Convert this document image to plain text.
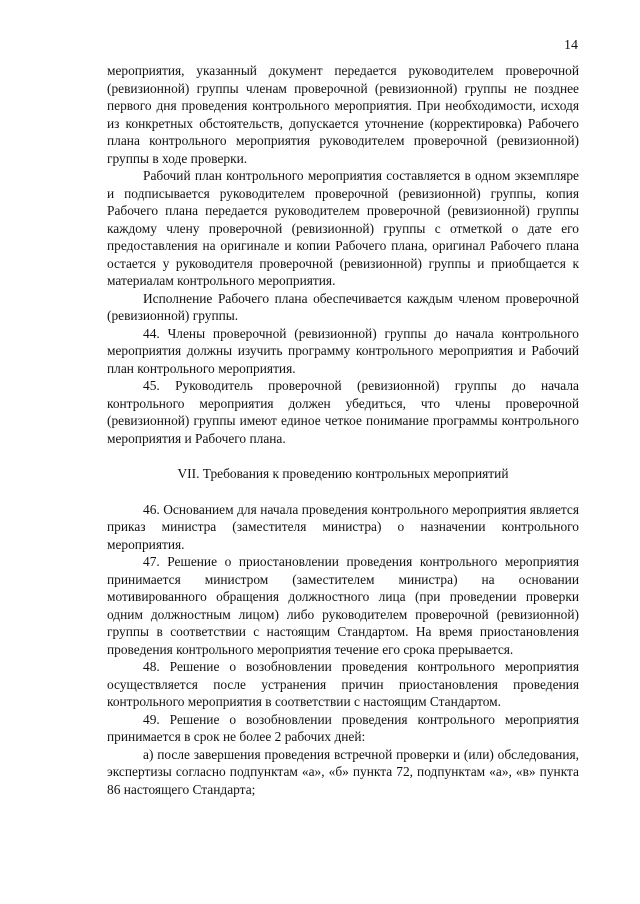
14

мероприятия, указанный документ передается руководителем проверочной (ревизионной) группы членам проверочной (ревизионной) группы не позднее первого дня проведения контрольного мероприятия. При необходимости, исходя из конкретных обстоятельств, допускается уточнение (корректировка) Рабочего плана контрольного мероприятия руководителем проверочной (ревизионной) группы в ходе проверки.

Рабочий план контрольного мероприятия составляется в одном экземпляре и подписывается руководителем проверочной (ревизионной) группы, копия Рабочего плана передается руководителем проверочной (ревизионной) группы каждому члену проверочной (ревизионной) группы с отметкой о дате его предоставления на оригинале и копии Рабочего плана, оригинал Рабочего плана остается у руководителя проверочной (ревизионной) группы и приобщается к материалам контрольного мероприятия.

Исполнение Рабочего плана обеспечивается каждым членом проверочной (ревизионной) группы.

44. Члены проверочной (ревизионной) группы до начала контрольного мероприятия должны изучить программу контрольного мероприятия и Рабочий план контрольного мероприятия.

45. Руководитель проверочной (ревизионной) группы до начала контрольного мероприятия должен убедиться, что члены проверочной (ревизионной) группы имеют единое четкое понимание программы контрольного мероприятия и Рабочего плана.

VII. Требования к проведению контрольных мероприятий

46. Основанием для начала проведения контрольного мероприятия является приказ министра (заместителя министра) о назначении контрольного мероприятия.

47. Решение о приостановлении проведения контрольного мероприятия принимается министром (заместителем министра) на основании мотивированного обращения должностного лица (при проведении проверки одним должностным лицом) либо руководителем проверочной (ревизионной) группы в соответствии с настоящим Стандартом. На время приостановления проведения контрольного мероприятия течение его срока прерывается.

48. Решение о возобновлении проведения контрольного мероприятия осуществляется после устранения причин приостановления проведения контрольного мероприятия в соответствии с настоящим Стандартом.

49. Решение о возобновлении проведения контрольного мероприятия принимается в срок не более 2 рабочих дней:

а) после завершения проведения встречной проверки и (или) обследования, экспертизы согласно подпунктам «а», «б» пункта 72, подпунктам «а», «в» пункта 86 настоящего Стандарта;
